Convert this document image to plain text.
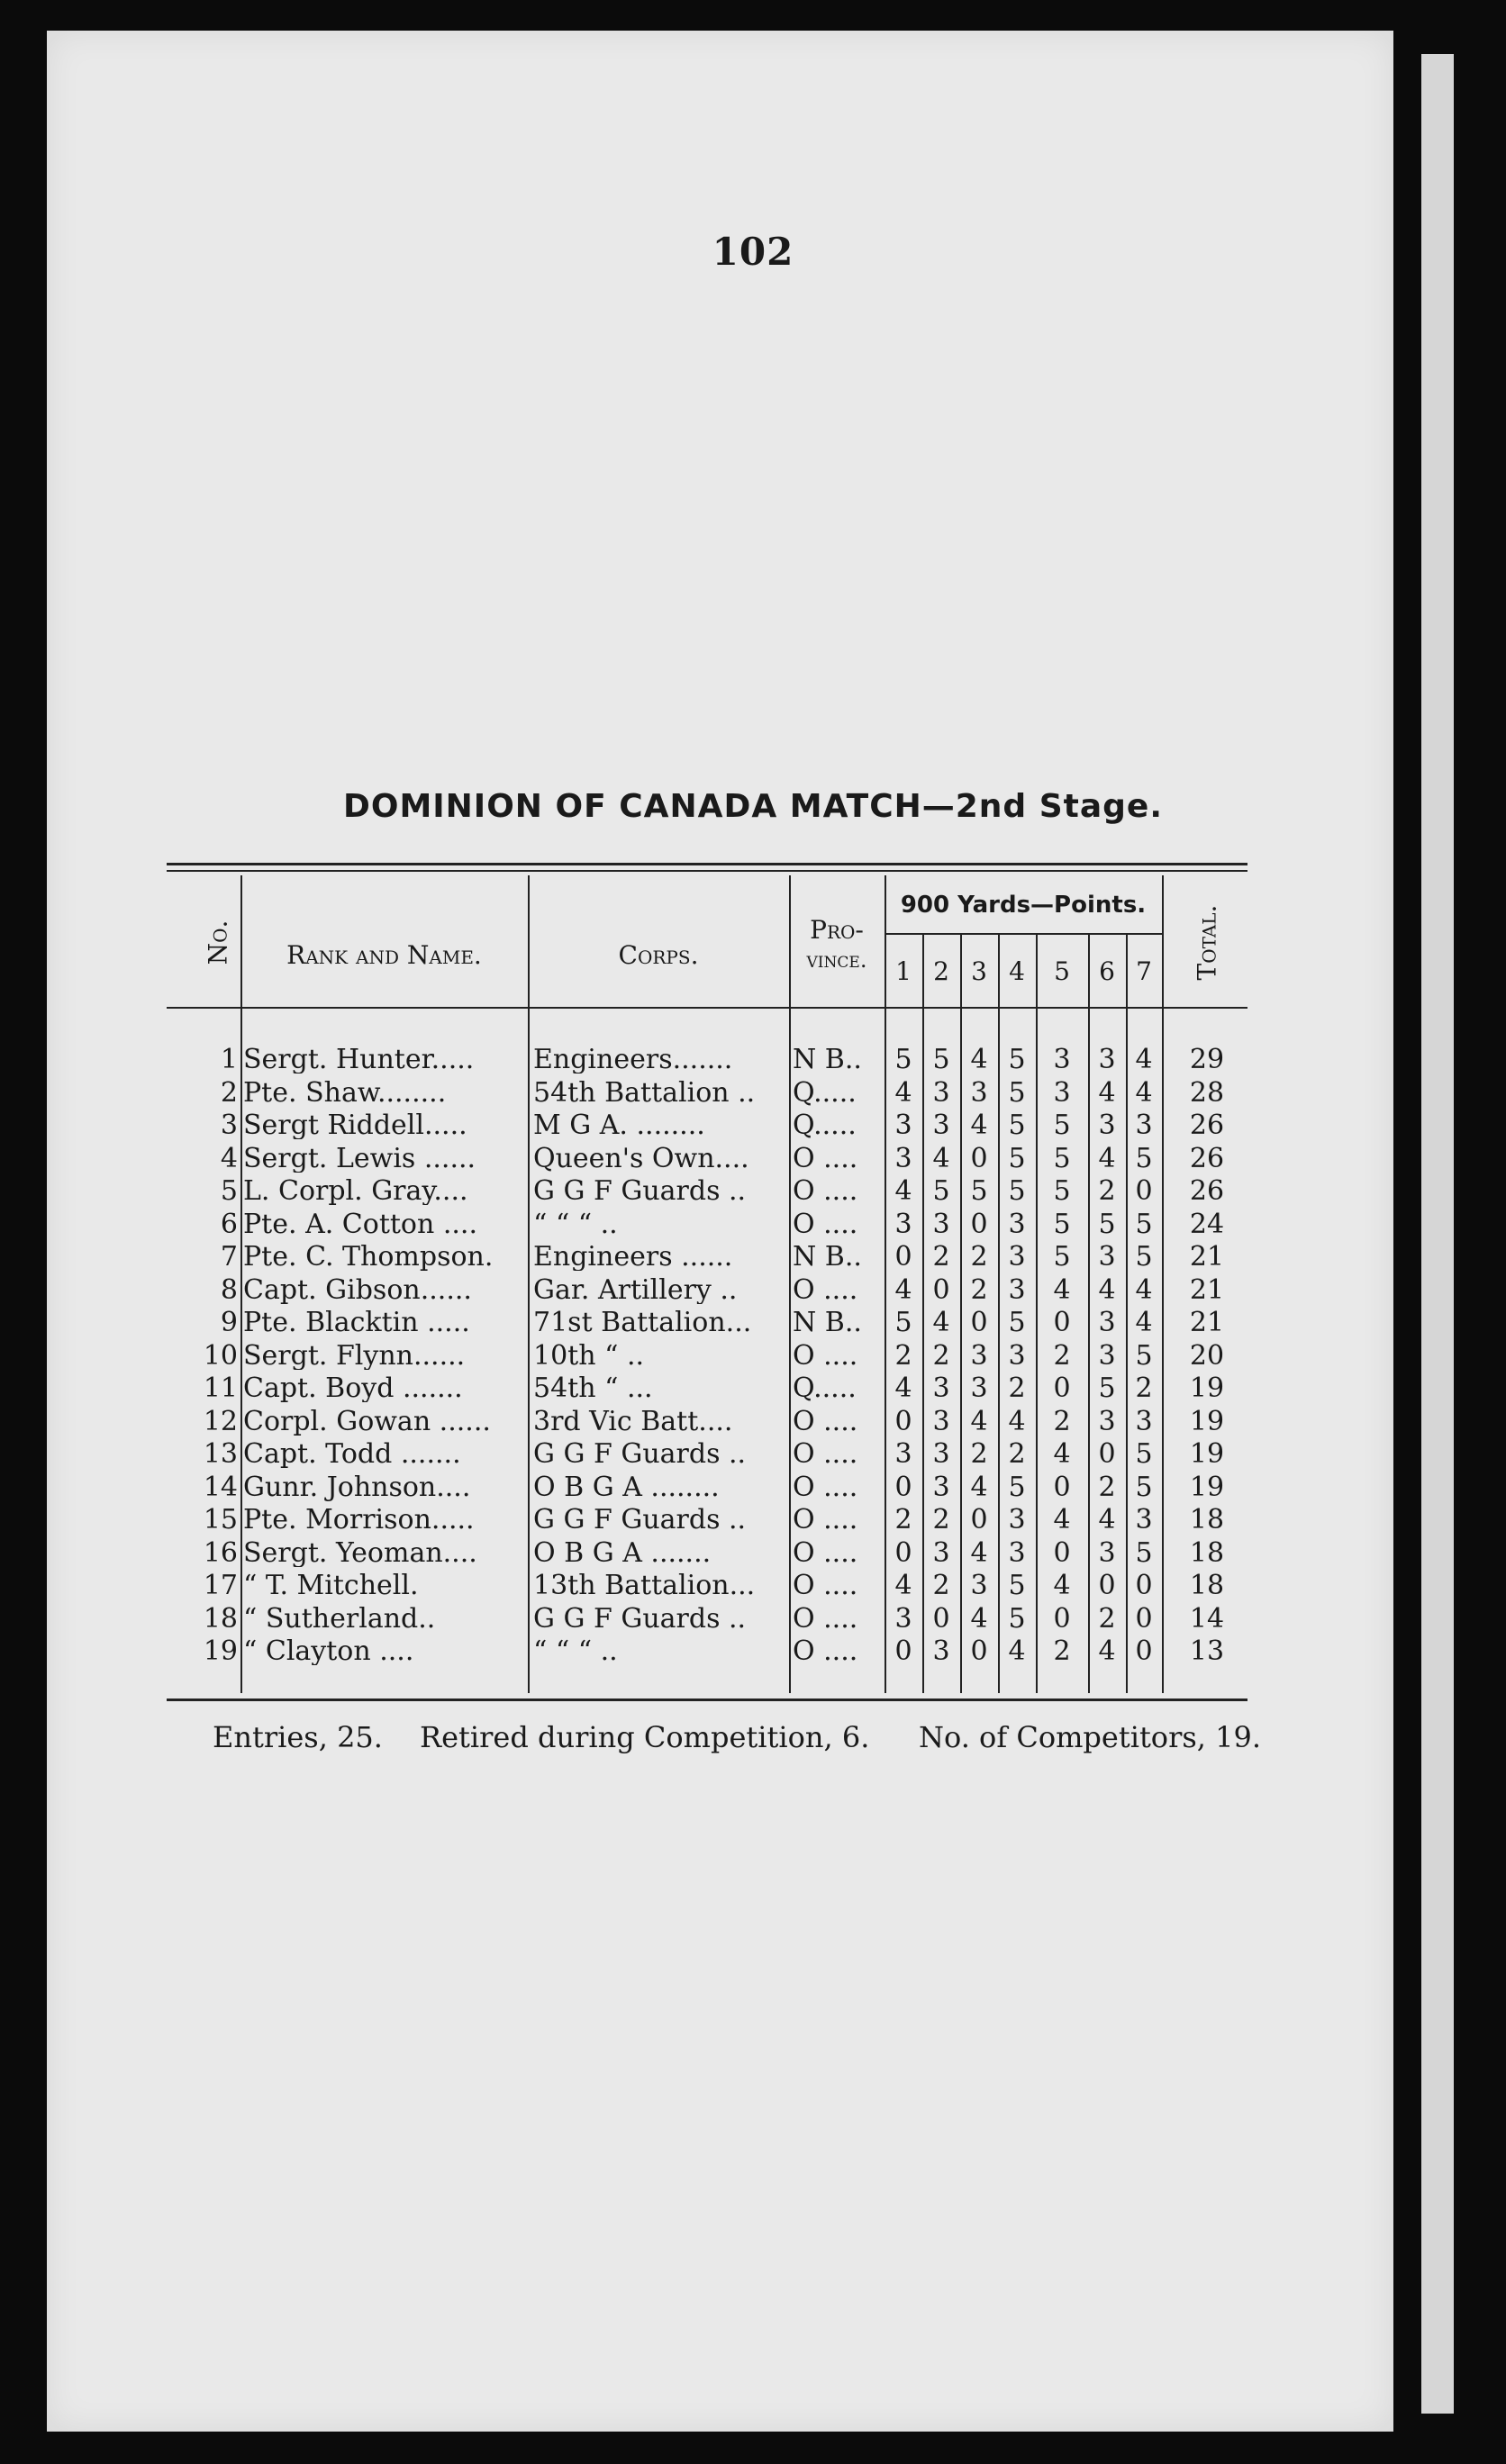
102
DOMINION OF CANADA MATCH—2nd Stage.
No.	Rank and Name.	Corps.
Pro-
vince.
900 Yards—Points.
1 2 3 4	5	6 7	Total.
1 Sergt. Hunter.....	Engineers.......	N B..	5 5 4 5	3	3 4	29
2 Pte. Shaw........	54th Battalion ..	Q.....	4 3 3 5	3	4 4	28
3 Sergt Riddell.....	M G A. ........	Q.....	3 3 4 5	5	3 3	26
4 Sergt. Lewis ......	Queen's Own....	O ....	3 4 0 5	5	4 5	26
5 L. Corpl. Gray....	G G F Guards ..	O ....	4 5 5 5	5	2 0	26
6 Pte. A. Cotton ....	“ “ “ ..	O ....	3 3 0 3	5	5 5	24
7 Pte. C. Thompson.	Engineers ......	N B..	0 2 2 3	5	3 5	21
8 Capt. Gibson......	Gar. Artillery ..	O ....	4 0 2 3	4	4 4	21
9 Pte. Blacktin .....	71st Battalion...	N B..	5 4 0 5	0	3 4	21
10 Sergt. Flynn......	10th “ ..	O ....	2 2 3 3	2	3 5	20
11 Capt. Boyd .......	54th “ ...	Q.....	4 3 3 2	0	5 2	19
12 Corpl. Gowan ......	3rd Vic Batt....	O ....	0 3 4 4	2	3 3	19
13 Capt. Todd .......	G G F Guards ..	O ....	3 3 2 2	4	0 5	19
14 Gunr. Johnson....	O B G A ........	O ....	0 3 4 5	0	2 5	19
15 Pte. Morrison.....	G G F Guards ..	O ....	2 2 0 3	4	4 3	18
16 Sergt. Yeoman....	O B G A .......	O ....	0 3 4 3	0	3 5	18
17 “ T. Mitchell.	13th Battalion...	O ....	4 2 3 5	4	0 0	18
18 “ Sutherland..	G G F Guards ..	O ....	3 0 4 5	0	2 0	14
19 “ Clayton ....	“ “ “ ..	O ....	0 3 0 4	2	4 0	13
Entries, 25. Retired during Competition, 6. No. of Competitors, 19.
